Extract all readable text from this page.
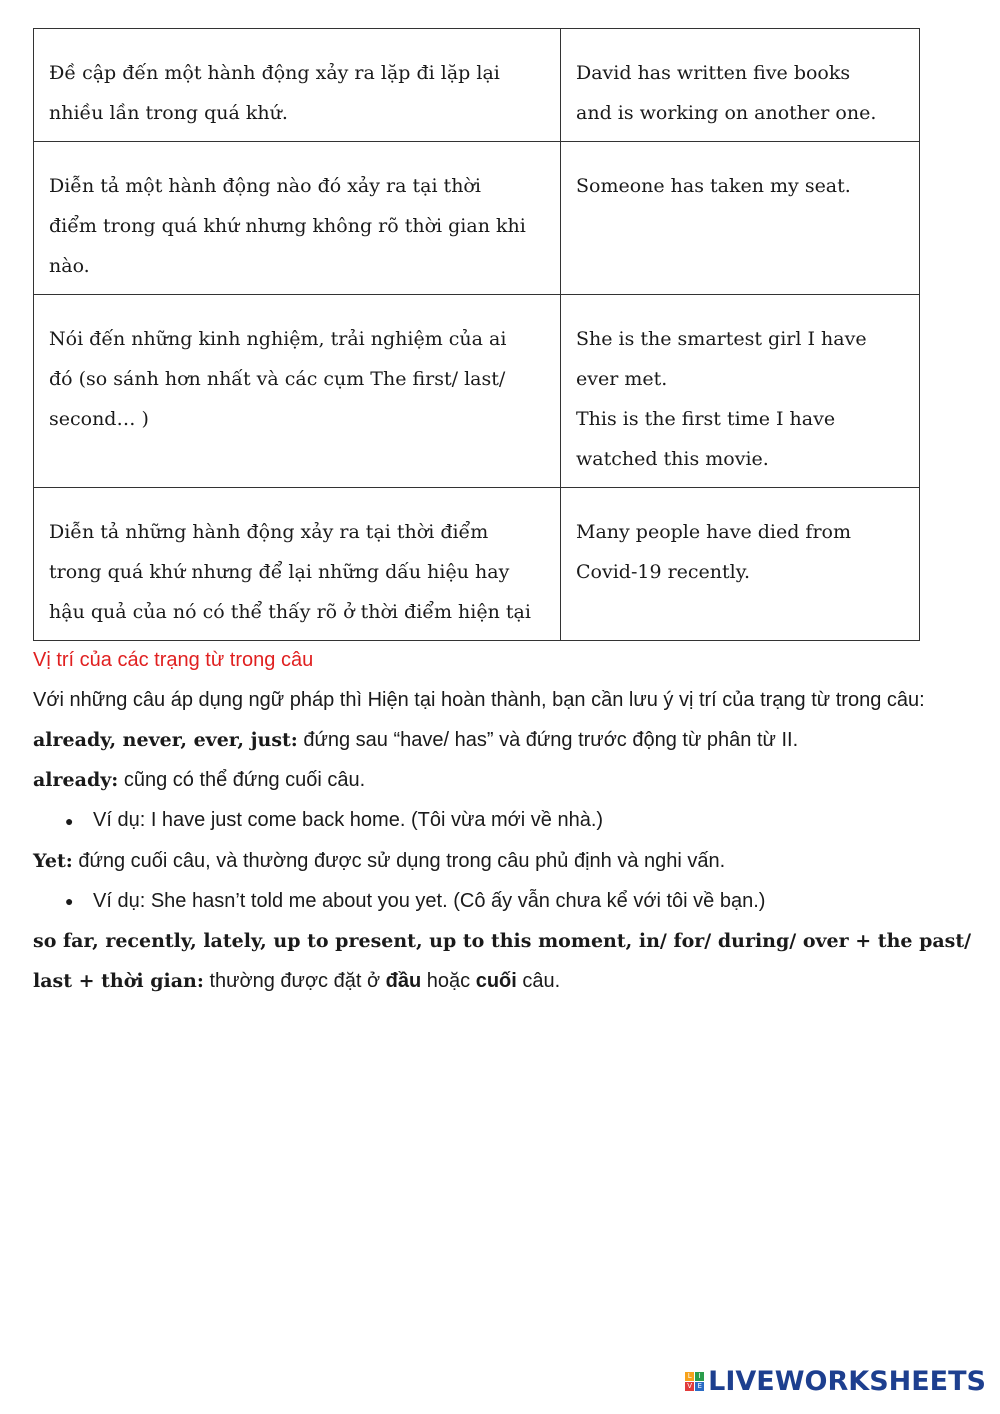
Đề cập đến một hành động xảy ra lặp đi lặp lại
nhiều lần trong quá khứ.	David has written five books
and is working on another one.

Diễn tả một hành động nào đó xảy ra tại thời
điểm trong quá khứ nhưng không rõ thời gian khi
nào.	Someone has taken my seat.

Nói đến những kinh nghiệm, trải nghiệm của ai
đó (so sánh hơn nhất và các cụm The first/ last/
second… )	She is the smartest girl I have
ever met.
This is the first time I have
watched this movie.

Diễn tả những hành động xảy ra tại thời điểm
trong quá khứ nhưng để lại những dấu hiệu hay
hậu quả của nó có thể thấy rõ ở thời điểm hiện tại	Many people have died from
Covid-19 recently.
Vị trí của các trạng từ trong câu

Với những câu áp dụng ngữ pháp thì Hiện tại hoàn thành, bạn cần lưu ý vị trí của trạng từ trong câu:

already, never, ever, just: đứng sau “have/ has” và đứng trước động từ phân từ II.

already: cũng có thể đứng cuối câu.

● Ví dụ: I have just come back home. (Tôi vừa mới về nhà.)

Yet: đứng cuối câu, và thường được sử dụng trong câu phủ định và nghi vấn.

● Ví dụ: She hasn’t told me about you yet. (Cô ấy vẫn chưa kể với tôi về bạn.)

so far, recently, lately, up to present, up to this moment, in/ for/ during/ over + the past/ last + thời gian: thường được đặt ở đầu hoặc cuối câu.

L	I
V E LIVEWORKSHEETS
